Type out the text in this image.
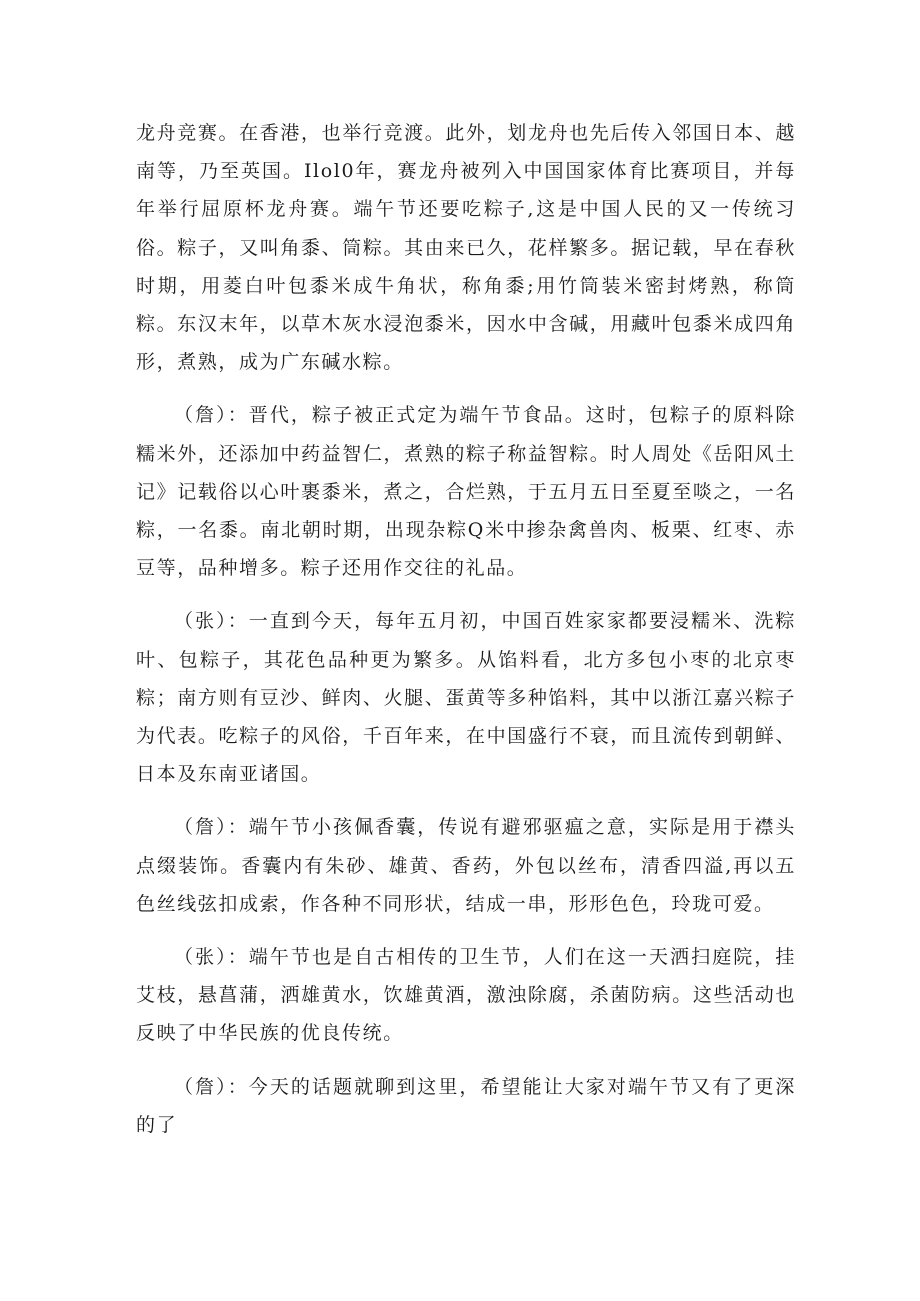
龙舟竞赛。在香港，也举行竞渡。此外，划龙舟也先后传入邻国日本、越南等，乃至英国。Ilol0年，赛龙舟被列入中国国家体育比赛项目，并每年举行屈原杯龙舟赛。端午节还要吃粽子,这是中国人民的又一传统习俗。粽子，又叫角黍、筒粽。其由来已久，花样繁多。据记载，早在春秋时期，用菱白叶包黍米成牛角状，称角黍;用竹筒装米密封烤熟，称筒粽。东汉末年，以草木灰水浸泡黍米，因水中含碱，用藏叶包黍米成四角形，煮熟，成为广东碱水粽。

（詹）：晋代，粽子被正式定为端午节食品。这时，包粽子的原料除糯米外，还添加中药益智仁，煮熟的粽子称益智粽。时人周处《岳阳风土记》记载俗以心叶裹黍米，煮之，合烂熟，于五月五日至夏至啖之，一名粽，一名黍。南北朝时期，出现杂粽Q米中掺杂禽兽肉、板栗、红枣、赤豆等，品种增多。粽子还用作交往的礼品。

（张）：一直到今天，每年五月初，中国百姓家家都要浸糯米、洗粽叶、包粽子，其花色品种更为繁多。从馅料看，北方多包小枣的北京枣粽；南方则有豆沙、鲜肉、火腿、蛋黄等多种馅料，其中以浙江嘉兴粽子为代表。吃粽子的风俗，千百年来，在中国盛行不衰，而且流传到朝鲜、日本及东南亚诸国。

（詹）：端午节小孩佩香囊，传说有避邪驱瘟之意，实际是用于襟头点缀装饰。香囊内有朱砂、雄黄、香药，外包以丝布，清香四溢,再以五色丝线弦扣成索，作各种不同形状，结成一串，形形色色，玲珑可爱。

（张）：端午节也是自古相传的卫生节，人们在这一天洒扫庭院，挂艾枝，悬菖蒲，洒雄黄水，饮雄黄酒，激浊除腐，杀菌防病。这些活动也反映了中华民族的优良传统。

（詹）：今天的话题就聊到这里，希望能让大家对端午节又有了更深的了
